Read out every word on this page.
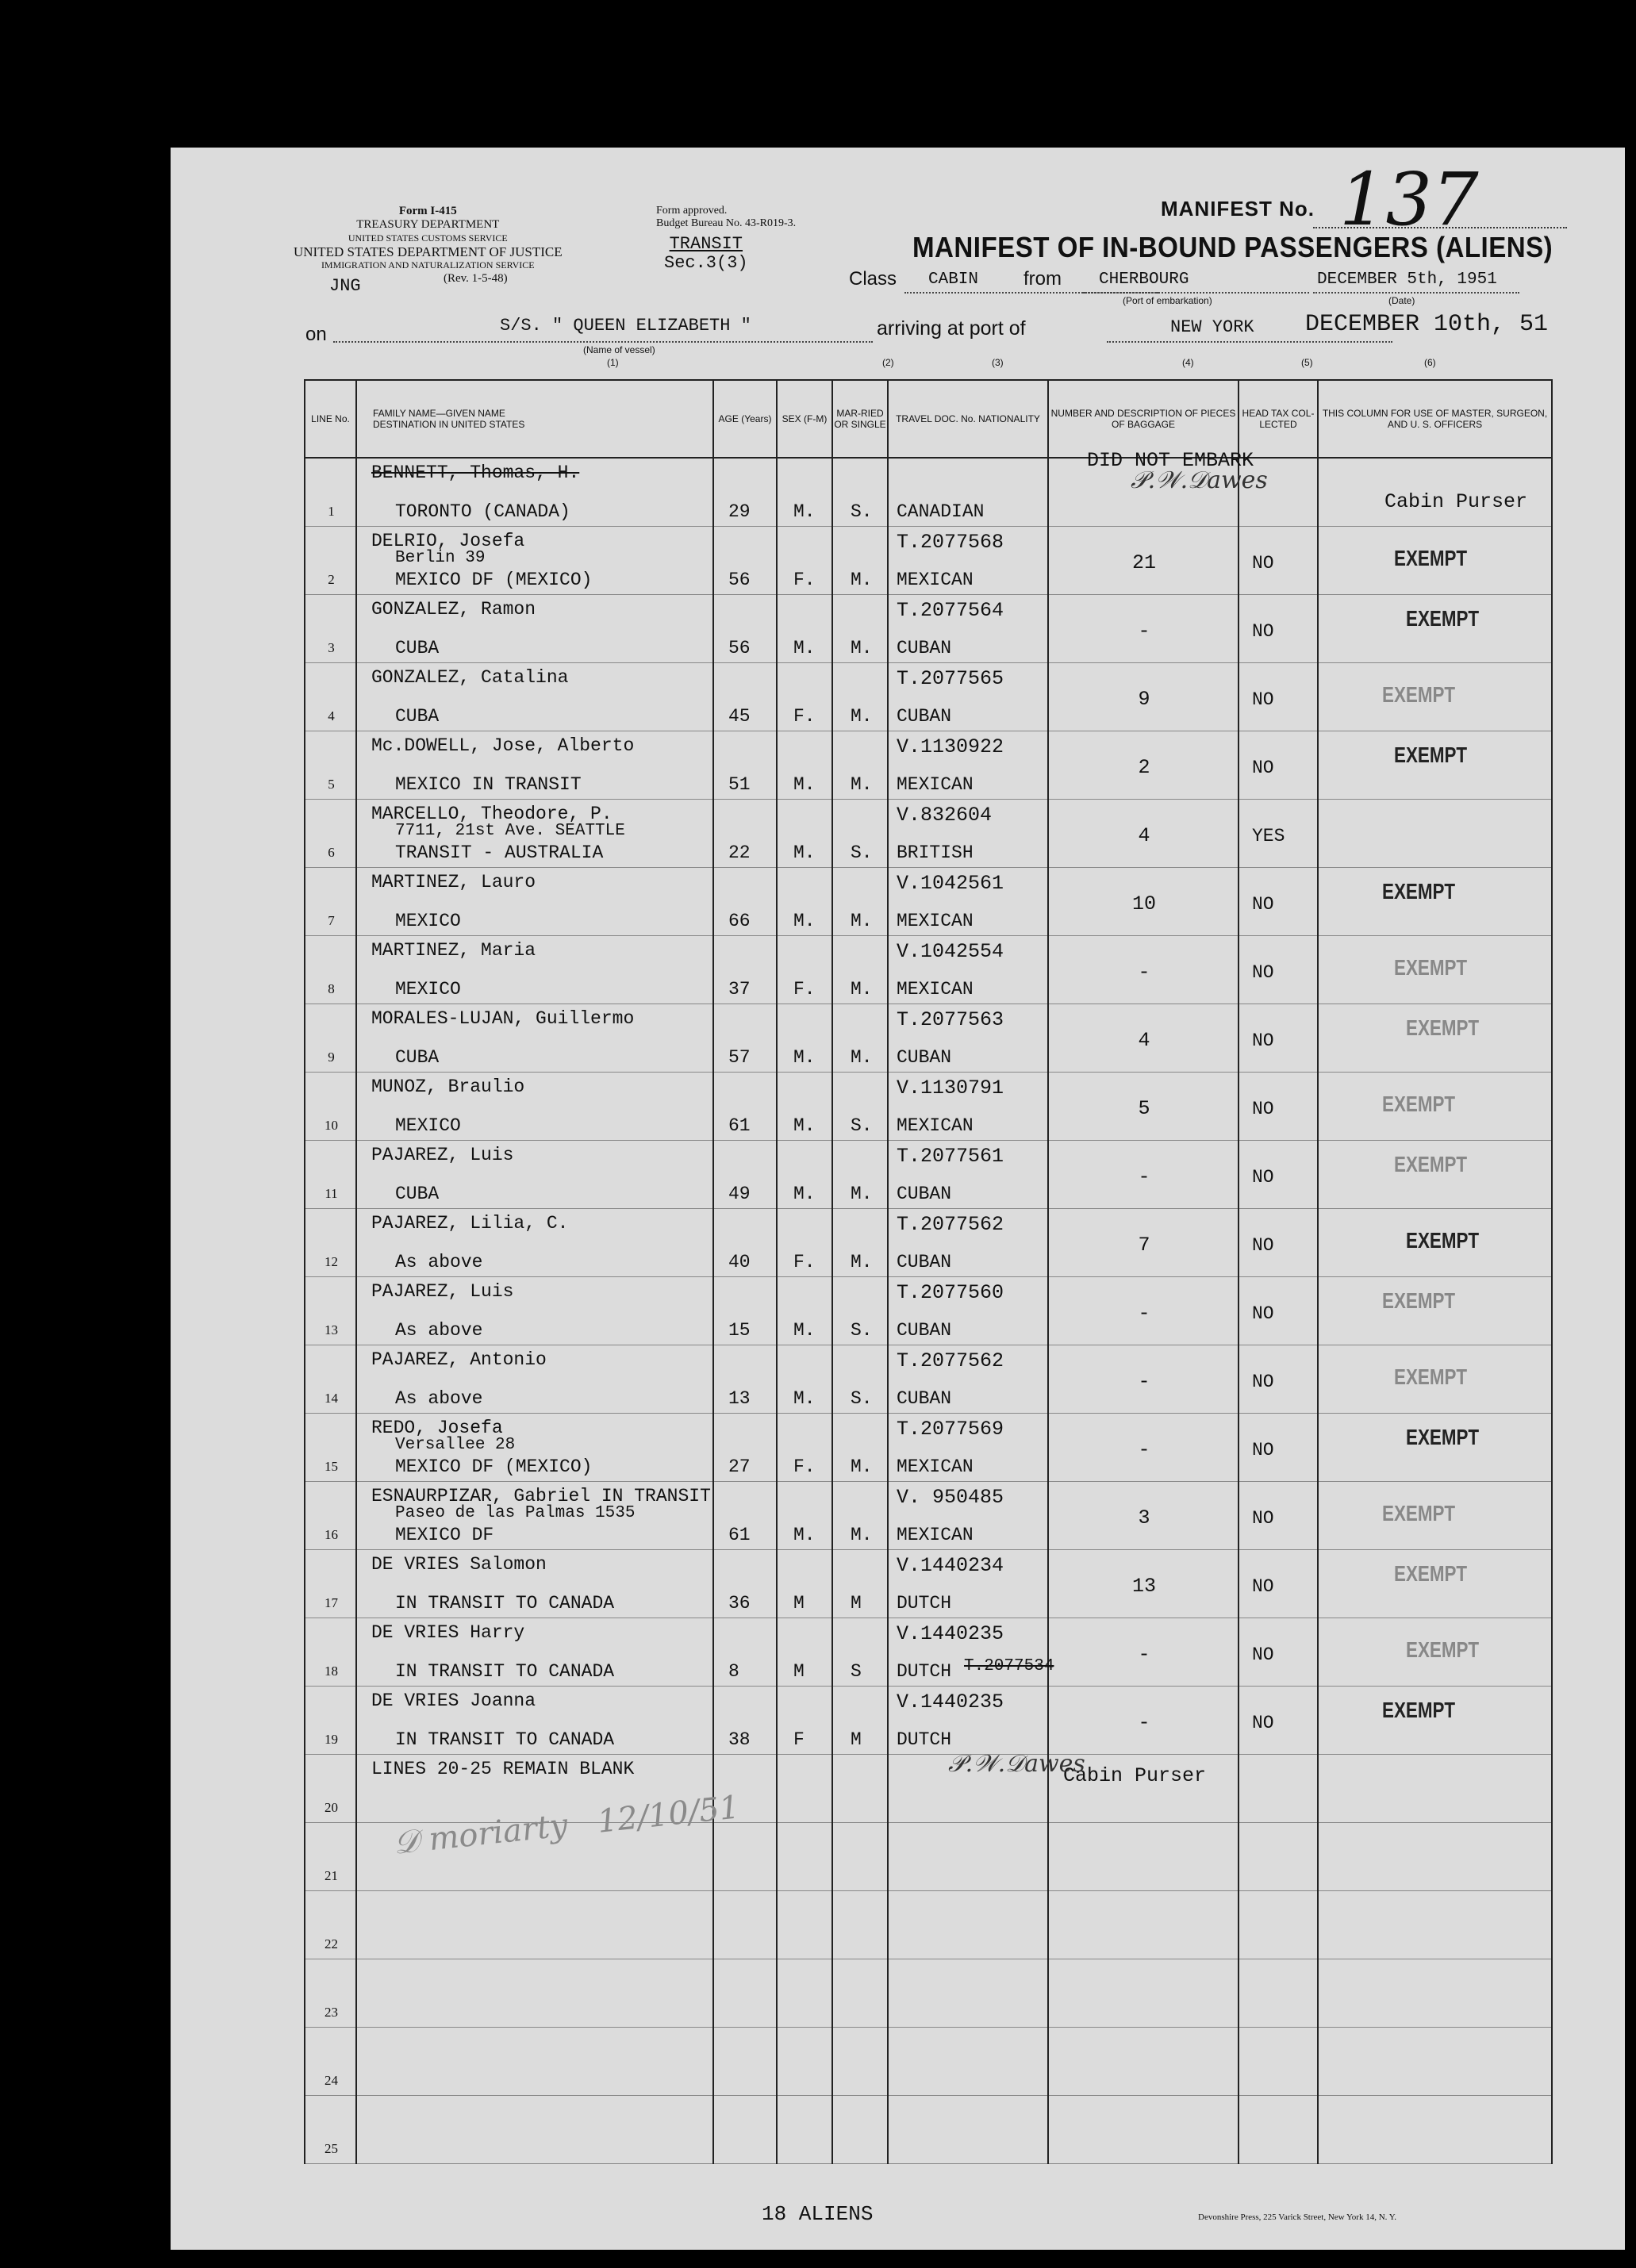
Form I-415
TREASURY DEPARTMENT
UNITED STATES CUSTOMS SERVICE
UNITED STATES DEPARTMENT OF JUSTICE
IMMIGRATION AND NATURALIZATION SERVICE
(Rev. 1-5-48)
Form approved.
Budget Bureau No. 43-R019-3.
TRANSIT
Sec.3(3)
JNG
MANIFEST No. 137
MANIFEST OF IN-BOUND PASSENGERS (ALIENS)
Class CABIN from CHERBOURG
(Port of embarkation)
DECEMBER 5th, 1951
(Date)
on	S/S. " QUEEN ELIZABETH "
(Name of vessel)
arriving at port of	NEW YORK DECEMBER 10th, 51
(1)	(2)	(3)	(4)	(5)	(6)
LINE No.	FAMILY NAME—GIVEN NAME
DESTINATION IN UNITED STATES	AGE (Years)	SEX (F-M)	MAR-RIED OR SINGLE	TRAVEL DOC. No. NATIONALITY	NUMBER AND DESCRIPTION OF PIECES OF BAGGAGE	HEAD TAX COL-LECTED	THIS COLUMN FOR USE OF MASTER, SURGEON, AND U. S. OFFICERS

1	BENNETT, Thomas, H.
TORONTO (CANADA)	29	M.	S.	CANADIAN			

2	DELRIO, Josefa
Berlin 39
MEXICO DF (MEXICO)	56	F.	M.	T.2077568
MEXICAN	21	NO	EXEMPT

3	GONZALEZ, Ramon
CUBA	56	M.	M.	T.2077564
CUBAN	-	NO	EXEMPT

4	GONZALEZ, Catalina
CUBA	45	F.	M.	T.2077565
CUBAN	9	NO	EXEMPT

5	Mc.DOWELL, Jose, Alberto
MEXICO IN TRANSIT	51	M.	M.	V.1130922
MEXICAN	2	NO	EXEMPT

6	MARCELLO, Theodore, P.
7711, 21st Ave. SEATTLE
TRANSIT - AUSTRALIA	22	M.	S.	V.832604
BRITISH	4	YES	

7	MARTINEZ, Lauro
MEXICO	66	M.	M.	V.1042561
MEXICAN	10	NO	EXEMPT

8	MARTINEZ, Maria
MEXICO	37	F.	M.	V.1042554
MEXICAN	-	NO	EXEMPT

9	MORALES-LUJAN, Guillermo
CUBA	57	M.	M.	T.2077563
CUBAN	4	NO	EXEMPT

10	MUNOZ, Braulio
MEXICO	61	M.	S.	V.1130791
MEXICAN	5	NO	EXEMPT

11	PAJAREZ, Luis
CUBA	49	M.	M.	T.2077561
CUBAN	-	NO	EXEMPT

12	PAJAREZ, Lilia, C.
As above	40	F.	M.	T.2077562
CUBAN	7	NO	EXEMPT

13	PAJAREZ, Luis
As above	15	M.	S.	T.2077560
CUBAN	-	NO	EXEMPT

14	PAJAREZ, Antonio
As above	13	M.	S.	T.2077562
CUBAN	-	NO	EXEMPT

15	REDO, Josefa
Versallee 28
MEXICO DF (MEXICO)	27	F.	M.	T.2077569
MEXICAN	-	NO	EXEMPT

16	ESNAURPIZAR, Gabriel IN TRANSIT
Paseo de las Palmas 1535
MEXICO DF	61	M.	M.	V. 950485
MEXICAN	3	NO	EXEMPT

17	DE VRIES Salomon
IN TRANSIT TO CANADA	36	M	M	V.1440234
DUTCH	13	NO	EXEMPT

18	DE VRIES Harry
IN TRANSIT TO CANADA	8	M	S	V.1440235
DUTCH	-	NO	EXEMPT

19	DE VRIES Joanna
IN TRANSIT TO CANADA	38	F	M	V.1440235
DUTCH	-	NO	EXEMPT

20	LINES 20-25 REMAIN BLANK							

21								

22								

23								

24								

25								

DID NOT EMBARK
Cabin Purser
Cabin Purser
T.2077534
𝒫.𝒲.𝒟awes
𝒫.𝒲.𝒟awes
𝒟 moriarty   12/10/51
18 ALIENS	Devonshire Press, 225 Varick Street, New York 14, N. Y.
